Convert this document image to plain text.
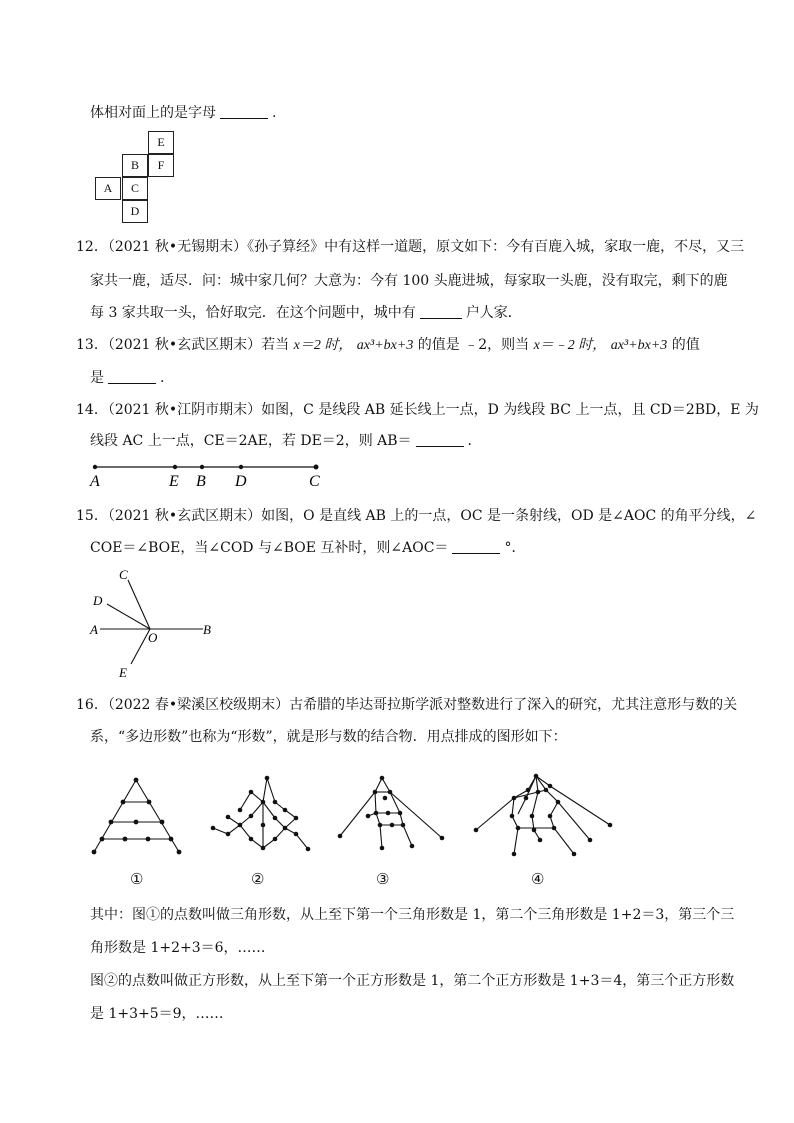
体相对面上的是字母	.
E
B	F
A	C
D
12．（2021 秋•无锡期末）《孙子算经》中有这样一道题，原文如下：今有百鹿入城，家取一鹿，不尽，又三
家共一鹿，适尽．问：城中家几何？大意为：今有 100 头鹿进城，每家取一头鹿，没有取完，剩下的鹿
每 3 家共取一头，恰好取完．在这个问题中，城中有	户人家．
13．（2021 秋•玄武区期末）若当 x＝2 时， ax³+bx+3 的值是 ﹣2，则当 x＝﹣2 时， ax³+bx+3 的值
是	.
14．（2021 秋•江阴市期末）如图，C 是线段 AB 延长线上一点，D 为线段 BC 上一点，且 CD＝2BD，E 为
线段 AC 上一点，CE＝2AE，若 DE＝2，则 AB＝	．
A	E B D	C
15．（2021 秋•玄武区期末）如图，O 是直线 AB 上的一点，OC 是一条射线，OD 是∠AOC 的角平分线，∠
COE＝∠BOE，当∠COD 与∠BOE 互补时，则∠AOC＝	°．
C
D
A
O
B
E
16．（2022 春•梁溪区校级期末）古希腊的毕达哥拉斯学派对整数进行了深入的研究，尤其注意形与数的关
系，“多边形数”也称为“形数”，就是形与数的结合物．用点排成的图形如下：
①	②	③	④
其中：图①的点数叫做三角形数，从上至下第一个三角形数是 1，第二个三角形数是 1+2＝3，第三个三
角形数是 1+2+3＝6，……
图②的点数叫做正方形数，从上至下第一个正方形数是 1，第二个正方形数是 1+3＝4，第三个正方形数
是 1+3+5＝9，……
